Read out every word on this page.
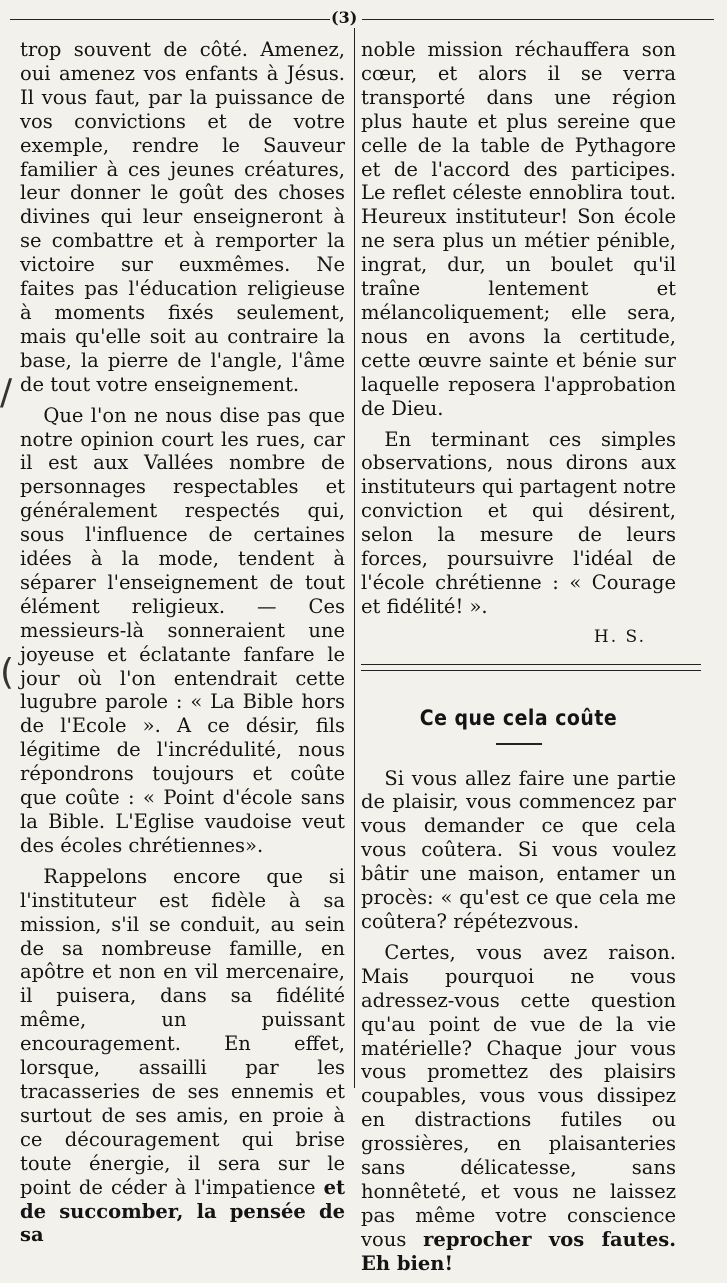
(3)
/
(

trop souvent de côté. Amenez, oui amenez vos enfants à Jésus. Il vous faut, par la puissance de vos convictions et de votre exemple, rendre le Sauveur familier à ces jeunes créatures, leur donner le goût des choses divines qui leur enseigneront à se combattre et à remporter la victoire sur euxmêmes. Ne faites pas l'éducation religieuse à moments fixés seulement, mais qu'elle soit au contraire la base, la pierre de l'angle, l'âme de tout votre enseignement.

Que l'on ne nous dise pas que notre opinion court les rues, car il est aux Vallées nombre de personnages respectables et généralement respectés qui, sous l'influence de certaines idées à la mode, tendent à séparer l'enseignement de tout élément religieux. — Ces messieurs-là sonneraient une joyeuse et éclatante fanfare le jour où l'on entendrait cette lugubre parole : « La Bible hors de l'Ecole ». A ce désir, fils légitime de l'incrédulité, nous répondrons toujours et coûte que coûte : « Point d'école sans la Bible. L'Eglise vaudoise veut des écoles chrétiennes».

Rappelons encore que si l'instituteur est fidèle à sa mission, s'il se conduit, au sein de sa nombreuse famille, en apôtre et non en vil mercenaire, il puisera, dans sa fidélité même, un puissant encouragement. En effet, lorsque, assailli par les tracasseries de ses ennemis et surtout de ses amis, en proie à ce découragement qui brise toute énergie, il sera sur le point de céder à l'impatience et de succomber, la pensée de sa

noble mission réchauffera son cœur, et alors il se verra transporté dans une région plus haute et plus sereine que celle de la table de Pythagore et de l'accord des participes. Le reflet céleste ennoblira tout. Heureux instituteur! Son école ne sera plus un métier pénible, ingrat, dur, un boulet qu'il traîne lentement et mélancoliquement; elle sera, nous en avons la certitude, cette œuvre sainte et bénie sur laquelle reposera l'approbation de Dieu.

En terminant ces simples observations, nous dirons aux instituteurs qui partagent notre conviction et qui désirent, selon la mesure de leurs forces, poursuivre l'idéal de l'école chrétienne : « Courage et fidélité! ».

H. S.
Ce que cela coûte

Si vous allez faire une partie de plaisir, vous commencez par vous demander ce que cela vous coûtera. Si vous voulez bâtir une maison, entamer un procès: « qu'est ce que cela me coûtera? répétezvous.

Certes, vous avez raison. Mais pourquoi ne vous adressez-vous cette question qu'au point de vue de la vie matérielle? Chaque jour vous vous promettez des plaisirs coupables, vous vous dissipez en distractions futiles ou grossières, en plaisanteries sans délicatesse, sans honnêteté, et vous ne laissez pas même votre conscience vous reprocher vos fautes. Eh bien!
